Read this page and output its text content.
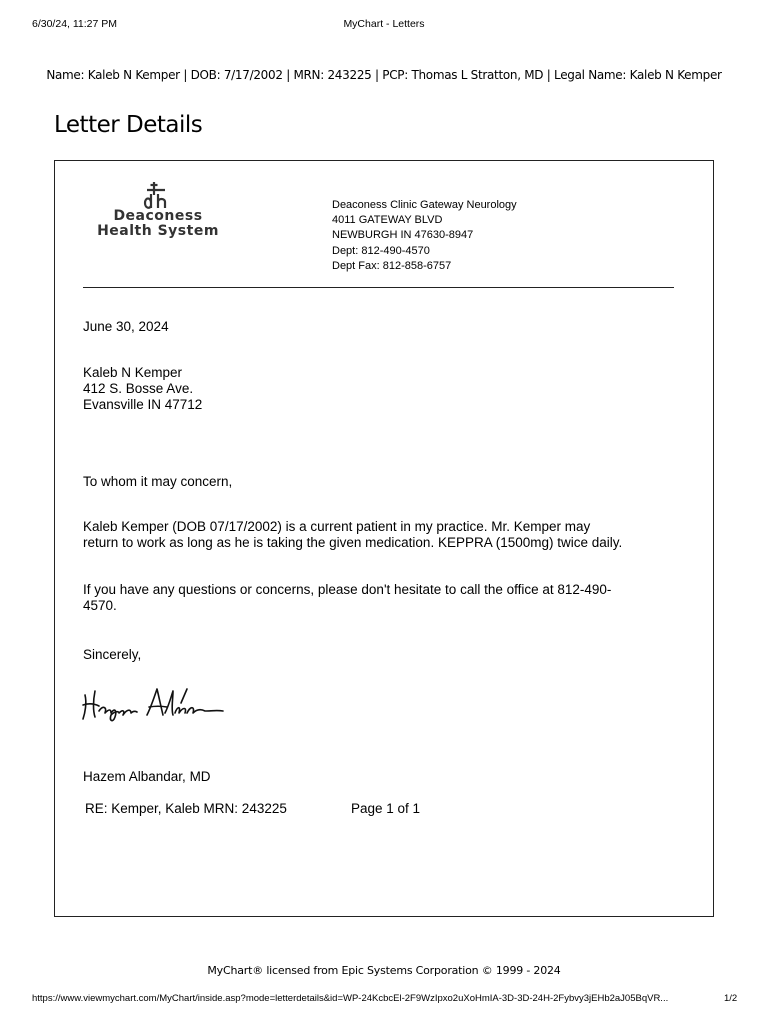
6/30/24, 11:27 PM	MyChart - Letters
Name: Kaleb N Kemper | DOB: 7/17/2002 | MRN: 243225 | PCP: Thomas L Stratton, MD | Legal Name: Kaleb N Kemper
Letter Details
Deaconess
Health System
Deaconess Clinic Gateway Neurology
4011 GATEWAY BLVD
NEWBURGH IN 47630-8947
Dept: 812-490-4570
Dept Fax: 812-858-6757
June 30, 2024
Kaleb N Kemper
412 S. Bosse Ave.
Evansville IN 47712
To whom it may concern,
Kaleb Kemper (DOB 07/17/2002) is a current patient in my practice. Mr. Kemper may return to work as long as he is taking the given medication. KEPPRA (1500mg) twice daily.
If you have any questions or concerns, please don't hesitate to call the office at 812-490-4570.
Sincerely,
Hazem Albandar, MD
RE: Kemper, Kaleb MRN: 243225	Page 1 of 1
MyChart® licensed from Epic Systems Corporation © 1999 - 2024
https://www.viewmychart.com/MyChart/inside.asp?mode=letterdetails&id=WP-24KcbcEl-2F9WzIpxo2uXoHmIA-3D-3D-24H-2Fybvy3jEHb2aJ05BqVR...	1/2
